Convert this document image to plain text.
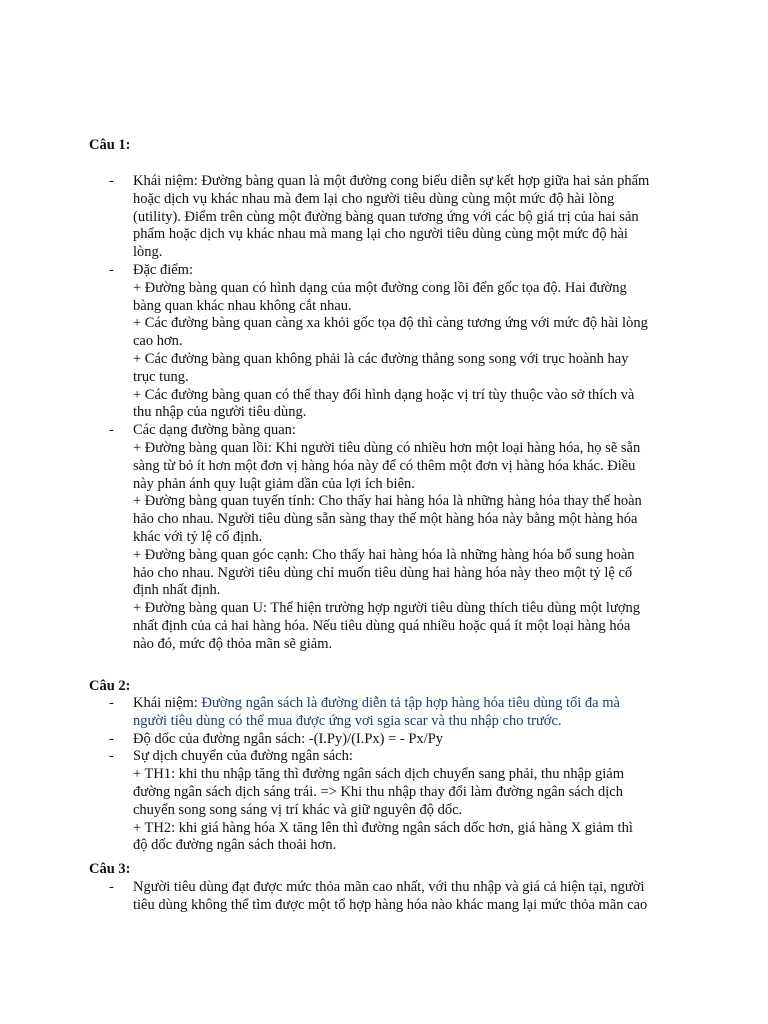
Câu 1:

- Khái niệm: Đường bàng quan là một đường cong biểu diễn sự kết hợp giữa hai sản phẩm
hoặc dịch vụ khác nhau mà đem lại cho người tiêu dùng cùng một mức độ hài lòng
(utility). Điểm trên cùng một đường bàng quan tương ứng với các bộ giá trị của hai sản
phẩm hoặc dịch vụ khác nhau mà mang lại cho người tiêu dùng cùng một mức độ hài
lòng.
- Đặc điểm:
+ Đường bàng quan có hình dạng của một đường cong lồi đến gốc tọa độ. Hai đường
bàng quan khác nhau không cắt nhau.
+ Các đường bàng quan càng xa khỏi gốc tọa độ thì càng tương ứng với mức độ hài lòng
cao hơn.
+ Các đường bàng quan không phải là các đường thẳng song song với trục hoành hay
trục tung.
+ Các đường bàng quan có thể thay đổi hình dạng hoặc vị trí tùy thuộc vào sở thích và
thu nhập của người tiêu dùng.
- Các dạng đường bàng quan:
+ Đường bàng quan lồi: Khi người tiêu dùng có nhiều hơn một loại hàng hóa, họ sẽ sẵn
sàng từ bỏ ít hơn một đơn vị hàng hóa này để có thêm một đơn vị hàng hóa khác. Điều
này phản ánh quy luật giảm dần của lợi ích biên.
+ Đường bàng quan tuyến tính: Cho thấy hai hàng hóa là những hàng hóa thay thế hoàn
hảo cho nhau. Người tiêu dùng sẵn sàng thay thế một hàng hóa này bằng một hàng hóa
khác với tỷ lệ cố định.
+ Đường bàng quan góc cạnh: Cho thấy hai hàng hóa là những hàng hóa bổ sung hoàn
hảo cho nhau. Người tiêu dùng chỉ muốn tiêu dùng hai hàng hóa này theo một tỷ lệ cố
định nhất định.
+ Đường bàng quan U: Thể hiện trường hợp người tiêu dùng thích tiêu dùng một lượng
nhất định của cả hai hàng hóa. Nếu tiêu dùng quá nhiều hoặc quá ít một loại hàng hóa
nào đó, mức độ thỏa mãn sẽ giảm.

Câu 2:

- Khái niệm: Đường ngân sách là đường diễn tả tập hợp hàng hóa tiêu dùng tối đa mà
người tiêu dùng có thể mua được ứng vơi sgia scar và thu nhập cho trước.
- Độ dốc của đường ngân sách: -(I.Py)/(I.Px) = - Px/Py
- Sự dịch chuyển của đường ngân sách:
+ TH1: khi thu nhập tăng thì đường ngân sách dịch chuyển sang phải, thu nhập giảm
đường ngân sách dịch sáng trái. => Khi thu nhập thay đổi làm đường ngân sách dịch
chuyển song song sáng vị trí khác và giữ nguyên độ dốc.
+ TH2: khi giá hàng hóa X tăng lên thì đường ngân sách dốc hơn, giá hàng X giảm thì
độ dốc đường ngân sách thoải hơn.

Câu 3:

- Người tiêu dùng đạt được mức thỏa mãn cao nhất, với thu nhập và giá cả hiện tại, người
tiêu dùng không thể tìm được một tổ hợp hàng hóa nào khác mang lại mức thỏa mãn cao
